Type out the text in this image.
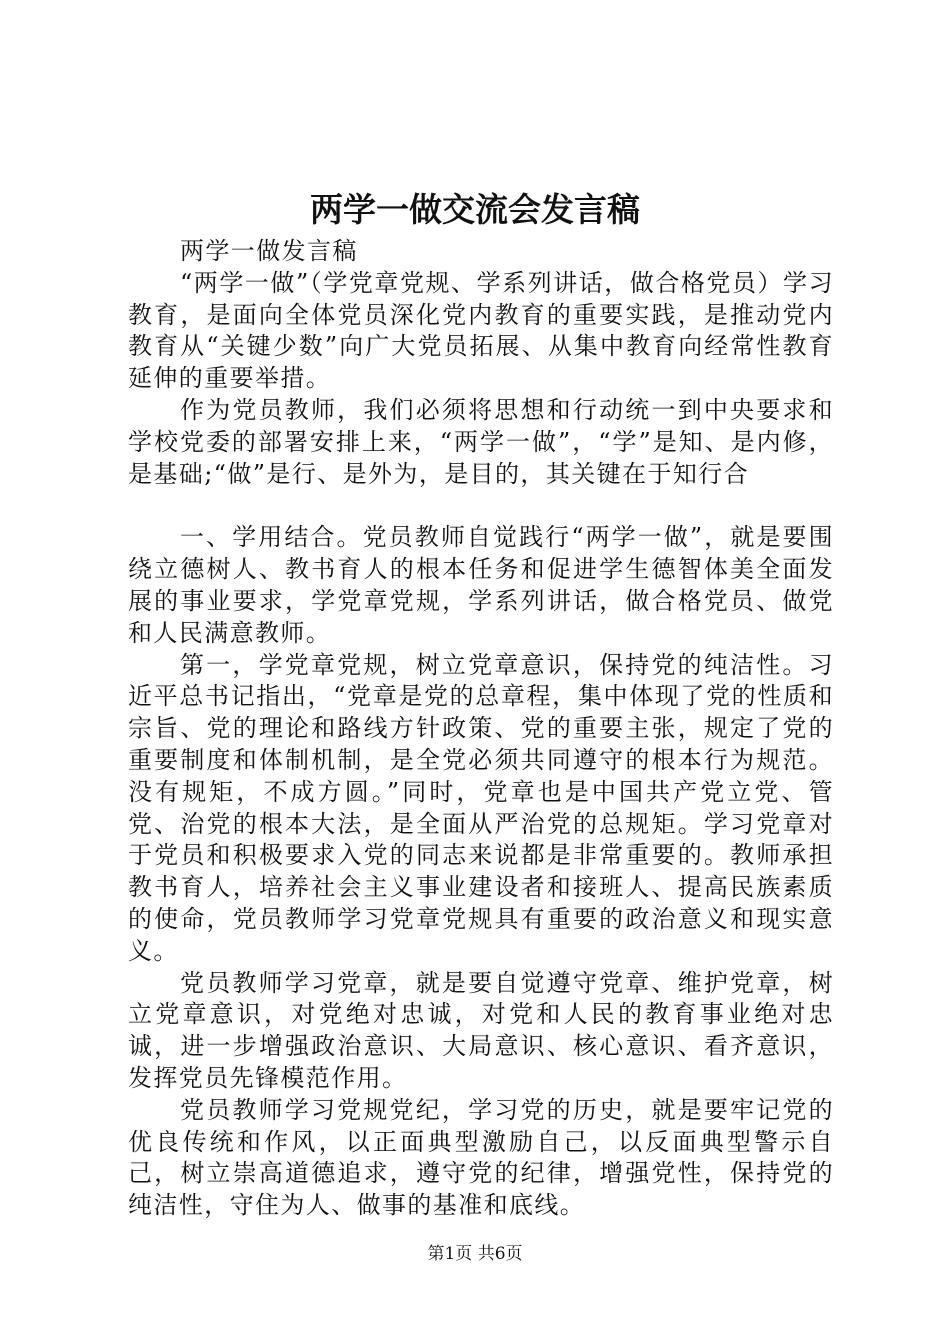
两学一做交流会发言稿

两学一做发言稿

“两学一做”（学党章党规、学系列讲话，做合格党员）学习教育，是面向全体党员深化党内教育的重要实践，是推动党内教育从“关键少数”向广大党员拓展、从集中教育向经常性教育延伸的重要举措。

作为党员教师，我们必须将思想和行动统一到中央要求和学校党委的部署安排上来，“两学一做”，“学”是知、是内修，是基础;“做”是行、是外为，是目的，其关键在于知行合

一、学用结合。党员教师自觉践行“两学一做”，就是要围绕立德树人、教书育人的根本任务和促进学生德智体美全面发展的事业要求，学党章党规，学系列讲话，做合格党员、做党和人民满意教师。

第一，学党章党规，树立党章意识，保持党的纯洁性。习近平总书记指出，“党章是党的总章程，集中体现了党的性质和宗旨、党的理论和路线方针政策、党的重要主张，规定了党的重要制度和体制机制，是全党必须共同遵守的根本行为规范。没有规矩，不成方圆。”同时，党章也是中国共产党立党、管党、治党的根本大法，是全面从严治党的总规矩。学习党章对于党员和积极要求入党的同志来说都是非常重要的。教师承担教书育人，培养社会主义事业建设者和接班人、提高民族素质的使命，党员教师学习党章党规具有重要的政治意义和现实意义。

党员教师学习党章，就是要自觉遵守党章、维护党章，树立党章意识，对党绝对忠诚，对党和人民的教育事业绝对忠诚，进一步增强政治意识、大局意识、核心意识、看齐意识，发挥党员先锋模范作用。

党员教师学习党规党纪，学习党的历史，就是要牢记党的优良传统和作风，以正面典型激励自己，以反面典型警示自己，树立崇高道德追求，遵守党的纪律，增强党性，保持党的纯洁性，守住为人、做事的基准和底线。

第1页 共6页
